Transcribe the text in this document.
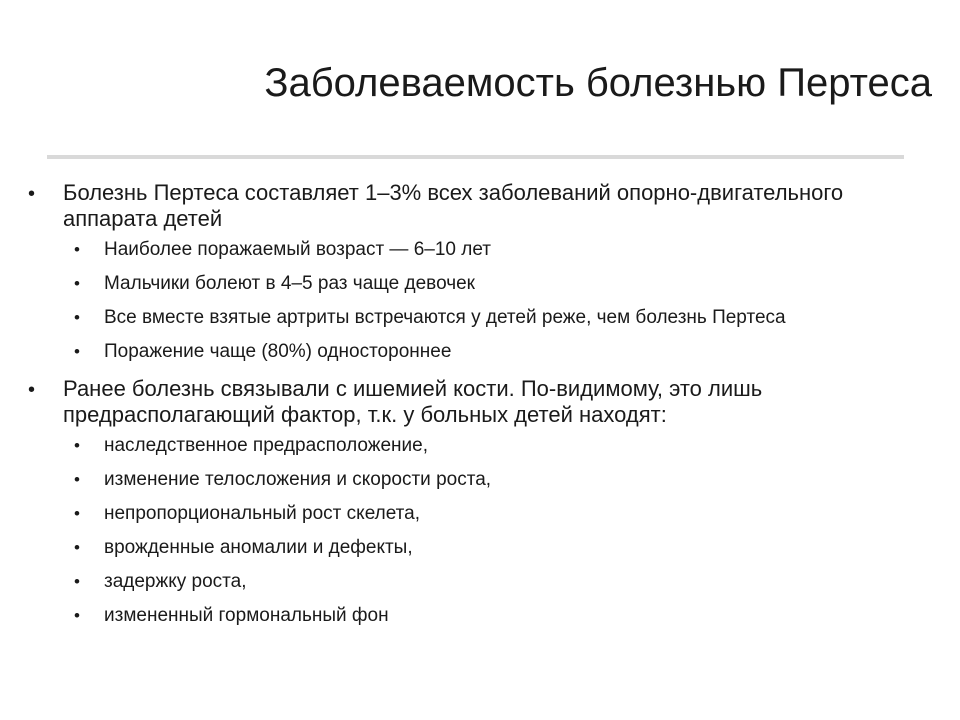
Заболеваемость болезнью Пертеса
• Болезнь Пертеса составляет 1–3% всех заболеваний опорно-двигательного аппарата детей
• Наиболее поражаемый возраст — 6–10 лет
• Мальчики болеют в 4–5 раз чаще девочек
• Все вместе взятые артриты встречаются у детей реже, чем болезнь Пертеса
• Поражение чаще (80%) одностороннее
• Ранее болезнь связывали с ишемией кости. По-видимому, это лишь предрасполагающий фактор, т.к. у больных детей находят:
• наследственное предрасположение,
• изменение телосложения и скорости роста,
• непропорциональный рост скелета,
• врожденные аномалии и дефекты,
• задержку роста,
• измененный гормональный фон
